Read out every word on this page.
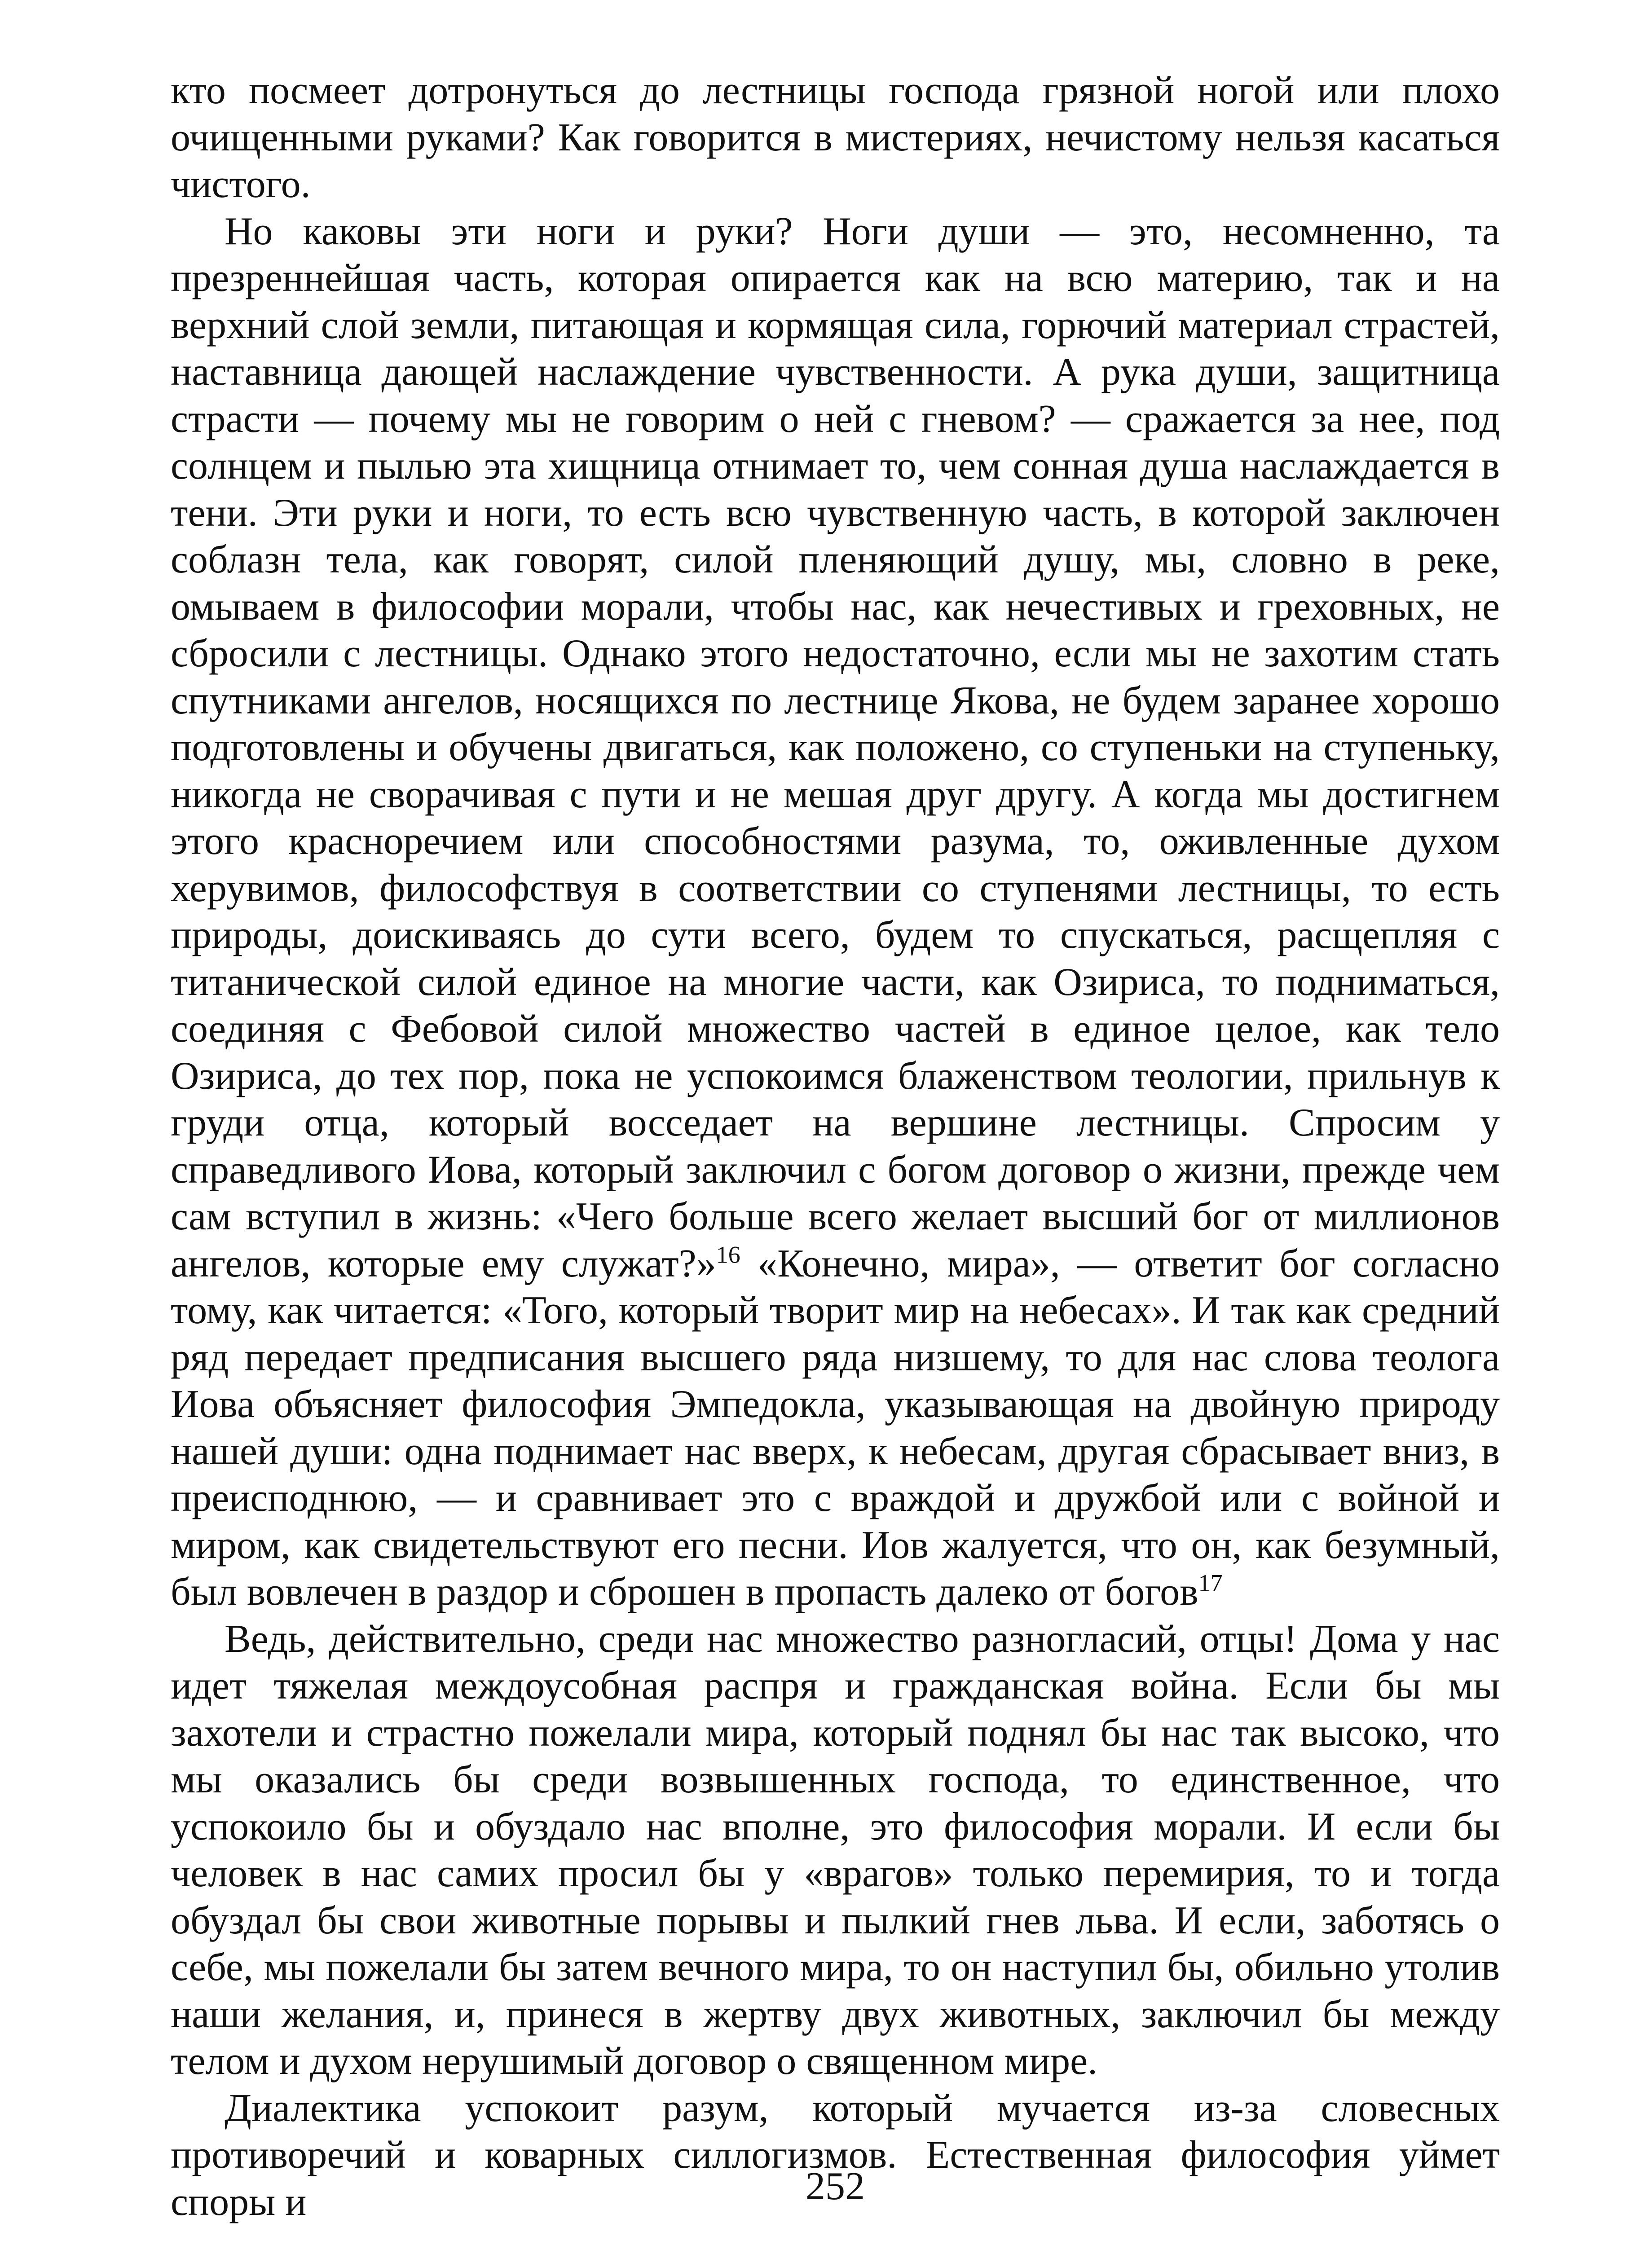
кто посмеет дотронуться до лестницы господа грязной ногой или плохо очищенными руками? Как говорится в мистериях, нечистому нельзя касаться чистого.

Но каковы эти ноги и руки? Ноги души — это, несомненно, та презреннейшая часть, которая опирается как на всю материю, так и на верхний слой земли, питающая и кормящая сила, горючий материал страстей, наставница дающей наслаждение чувственности. А рука души, защитница страсти — почему мы не говорим о ней с гневом? — сражается за нее, под солнцем и пылью эта хищница отнимает то, чем сонная душа наслаждается в тени. Эти руки и ноги, то есть всю чувственную часть, в которой заключен соблазн тела, как говорят, силой пленяющий душу, мы, словно в реке, омываем в философии морали, чтобы нас, как нечестивых и греховных, не сбросили с лестницы. Однако этого недостаточно, если мы не захотим стать спутниками ангелов, носящихся по лестнице Якова, не будем заранее хорошо подготовлены и обучены двигаться, как положено, со ступеньки на ступеньку, никогда не сворачивая с пути и не мешая друг другу. А когда мы достигнем этого красноречием или способностями разума, то, оживленные духом херувимов, философствуя в соответствии со ступенями лестницы, то есть природы, доискиваясь до сути всего, будем то спускаться, расщепляя с титанической силой единое на многие части, как Озириса, то подниматься, соединяя с Фебовой силой множество частей в единое целое, как тело Озириса, до тех пор, пока не успокоимся блаженством теологии, прильнув к груди отца, который восседает на вершине лестницы. Спросим у справедливого Иова, который заключил с богом договор о жизни, прежде чем сам вступил в жизнь: «Чего больше всего желает высший бог от миллионов ангелов, которые ему служат?»$^{16}$ «Конечно, мира», — ответит бог согласно тому, как читается: «Того, который творит мир на небесах». И так как средний ряд передает предписания высшего ряда низшему, то для нас слова теолога Иова объясняет философия Эмпедокла, указывающая на двойную природу нашей души: одна поднимает нас вверх, к небесам, другая сбрасывает вниз, в преисподнюю, — и сравнивает это с враждой и дружбой или с войной и миром, как свидетельствуют его песни. Иов жалуется, что он, как безумный, был вовлечен в раздор и сброшен в пропасть далеко от богов$^{17}$

Ведь, действительно, среди нас множество разногласий, отцы! Дома у нас идет тяжелая междоусобная распря и гражданская война. Если бы мы захотели и страстно пожелали мира, который поднял бы нас так высоко, что мы оказались бы среди возвышенных господа, то единственное, что успокоило бы и обуздало нас вполне, это философия морали. И если бы человек в нас самих просил бы у «врагов» только перемирия, то и тогда обуздал бы свои животные порывы и пылкий гнев льва. И если, заботясь о себе, мы пожелали бы затем вечного мира, то он наступил бы, обильно утолив наши желания, и, принеся в жертву двух животных, заключил бы между телом и духом нерушимый договор о священном мире.

Диалектика успокоит разум, который мучается из-за словесных противоречий и коварных силлогизмов. Естественная философия уймет споры и	252
